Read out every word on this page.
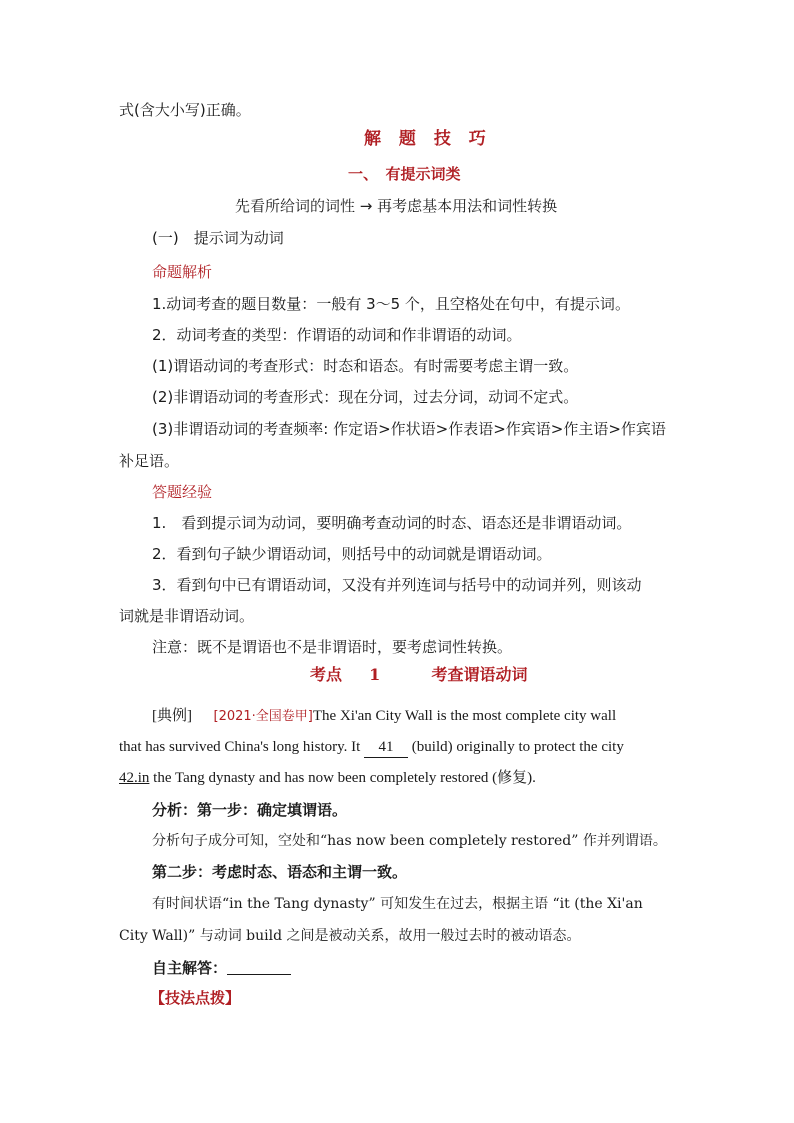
式(含大小写)正确。
解 题 技 巧
一、　有提示词类
先看所给词的词性 → 再考虑基本用法和词性转换
(一)　提示词为动词
命题解析
1.动词考查的题目数量：一般有 3～5 个，且空格处在句中，有提示词。
2．动词考查的类型：作谓语的动词和作非谓语的动词。
(1)谓语动词的考查形式：时态和语态。有时需要考虑主谓一致。
(2)非谓语动词的考查形式：现在分词，过去分词，动词不定式。
(3)非谓语动词的考查频率: 作定语>作状语>作表语>作宾语>作主语>作宾语
补足语。
答题经验
1.　看到提示词为动词，要明确考查动词的时态、语态还是非谓语动词。
2．看到句子缺少谓语动词，则括号中的动词就是谓语动词。
3．看到句中已有谓语动词，又没有并列连词与括号中的动词并列，则该动
词就是非谓语动词。
注意：既不是谓语也不是非谓语时，要考虑词性转换。
考点 1	考查谓语动词
[典例] [2021·全国卷甲]The Xi'an City Wall is the most complete city wall
that has survived China's long history. It 41 (build) originally to protect the city
42.in the Tang dynasty and has now been completely restored (修复).
分析：第一步：确定填谓语。
分析句子成分可知，空处和“has now been completely restored” 作并列谓语。
第二步：考虑时态、语态和主谓一致。
有时间状语“in the Tang dynasty” 可知发生在过去，根据主语 “it (the Xi'an
City Wall)” 与动词 build 之间是被动关系，故用一般过去时的被动语态。
自主解答：
【技法点拨】
